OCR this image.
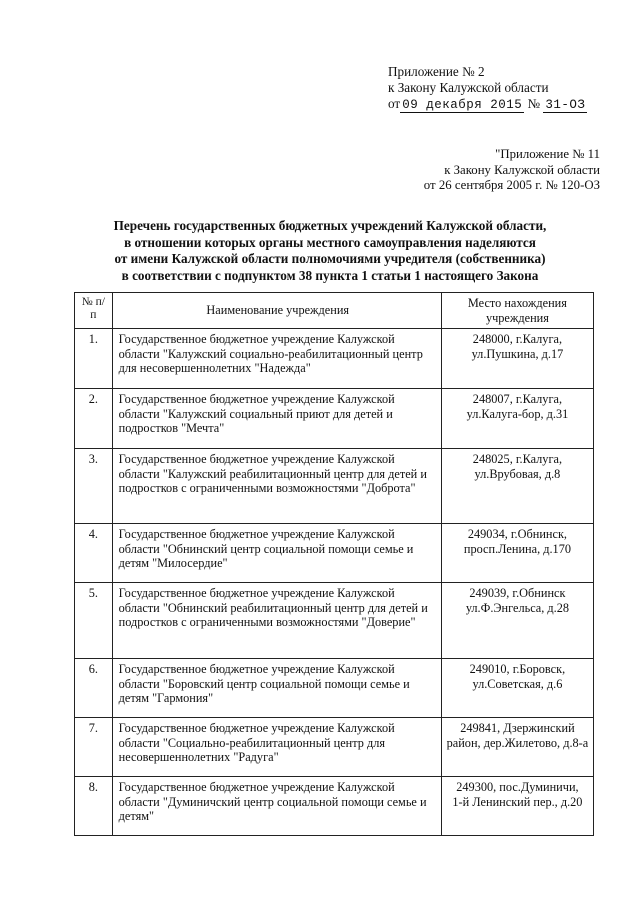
Приложение № 2
к Закону Калужской области
от 09 декабря 2015 № 31-ОЗ
"Приложение № 11
к Закону Калужской области
от 26 сентября 2005 г. № 120-ОЗ
Перечень государственных бюджетных учреждений Калужской области,
в отношении которых органы местного самоуправления наделяются
от имени Калужской области полномочиями учредителя (собственника)
в соответствии с подпунктом 38 пункта 1 статьи 1 настоящего Закона
№ п/п	Наименование учреждения	Место нахождения учреждения
1.	Государственное бюджетное учреждение Калужской области "Калужский социально-реабилитационный центр для несовершеннолетних "Надежда"	248000, г.Калуга,
ул.Пушкина, д.17

2.	Государственное бюджетное учреждение Калужской области "Калужский социальный приют для детей и подростков "Мечта"	248007, г.Калуга,
ул.Калуга-бор, д.31

3.	Государственное бюджетное учреждение Калужской области "Калужский реабилитационный центр для детей и подростков с ограниченными возможностями "Доброта"	248025, г.Калуга,
ул.Врубовая, д.8

4.	Государственное бюджетное учреждение Калужской области "Обнинский центр социальной помощи семье и детям "Милосердие"	249034, г.Обнинск,
просп.Ленина, д.170

5.	Государственное бюджетное учреждение Калужской области "Обнинский реабилитационный центр для детей и подростков с ограниченными возможностями "Доверие"	249039, г.Обнинск
ул.Ф.Энгельса, д.28

6.	Государственное бюджетное учреждение Калужской области "Боровский центр социальной помощи семье и детям "Гармония"	249010, г.Боровск,
ул.Советская, д.6

7.	Государственное бюджетное учреждение Калужской области "Социально-реабилитационный центр для несовершеннолетних "Радуга"	249841, Дзержинский
район, дер.Жилетово, д.8-а

8.	Государственное бюджетное учреждение Калужской области "Думиничский центр социальной помощи семье и детям"	249300, пос.Думиничи,
1-й Ленинский пер., д.20
